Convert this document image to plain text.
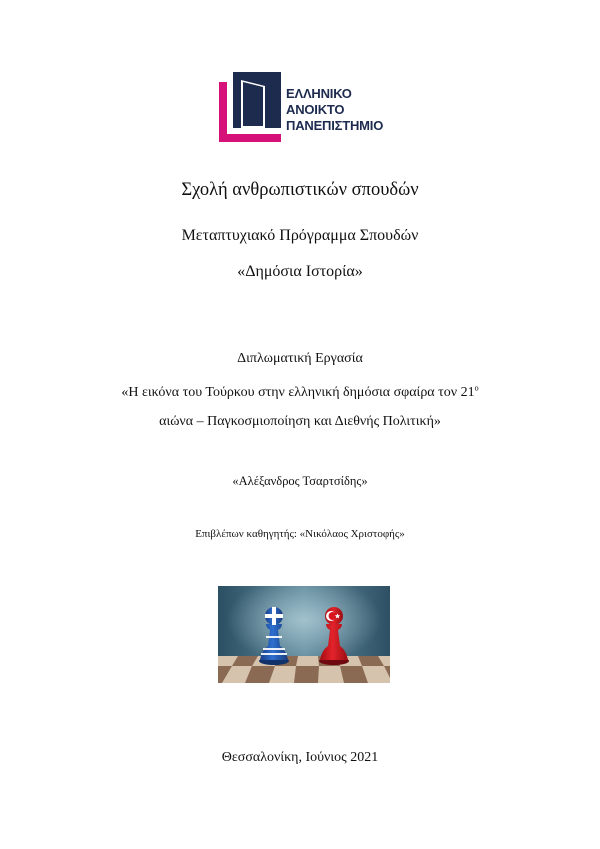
ΕΛΛΗΝΙΚΟ
ΑΝΟΙΚΤΟ
ΠΑΝΕΠΙΣΤΗΜΙΟ
Σχολή ανθρωπιστικών σπουδών
Μεταπτυχιακό Πρόγραμμα Σπουδών
«Δημόσια Ιστορία»
Διπλωματική Εργασία
«Η εικόνα του Τούρκου στην ελληνική δημόσια σφαίρα τον $21^o$
αιώνα – Παγκοσμιοποίηση και Διεθνής Πολιτική»
«Αλέξανδρος Τσαρτσίδης»
Επιβλέπων καθηγητής: «Νικόλαος Χριστοφής»
Θεσσαλονίκη, Ιούνιος 2021
